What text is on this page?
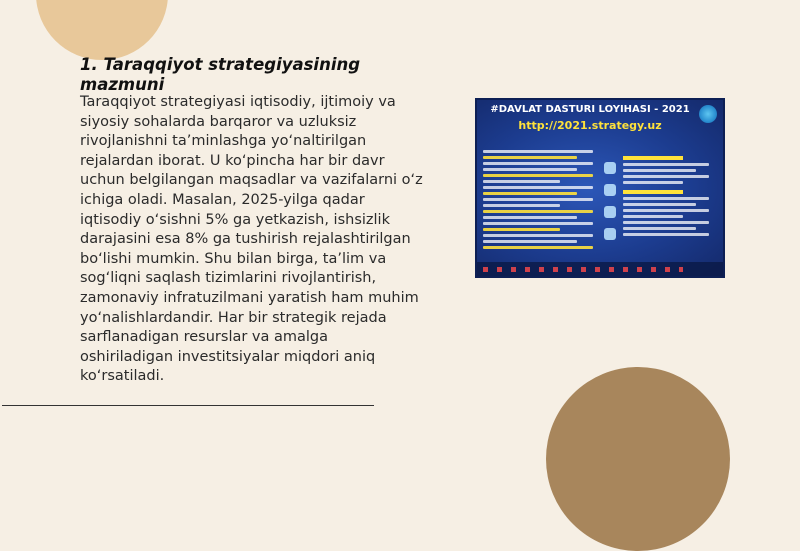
1. Taraqqiyot strategiyasining mazmuni
Taraqqiyot strategiyasi iqtisodiy, ijtimoiy va siyosiy sohalarda barqaror va uzluksiz rivojlanishni ta’minlashga yo‘naltirilgan rejalardan iborat. U ko‘pincha har bir davr uchun belgilangan maqsadlar va vazifalarni o‘z ichiga oladi. Masalan, 2025-yilga qadar iqtisodiy o‘sishni 5% ga yetkazish, ishsizlik darajasini esa 8% ga tushirish rejalashtirilgan bo‘lishi mumkin. Shu bilan birga, ta’lim va sog‘liqni saqlash tizimlarini rivojlantirish, zamonaviy infratuzilmani yaratish ham muhim yo‘nalishlardandir. Har bir strategik rejada sarflanadigan resurslar va amalga oshiriladigan investitsiyalar miqdori aniq ko‘rsatiladi.
#DAVLAT DASTURI LOYIHASI - 2021
http://2021.strategy.uz
